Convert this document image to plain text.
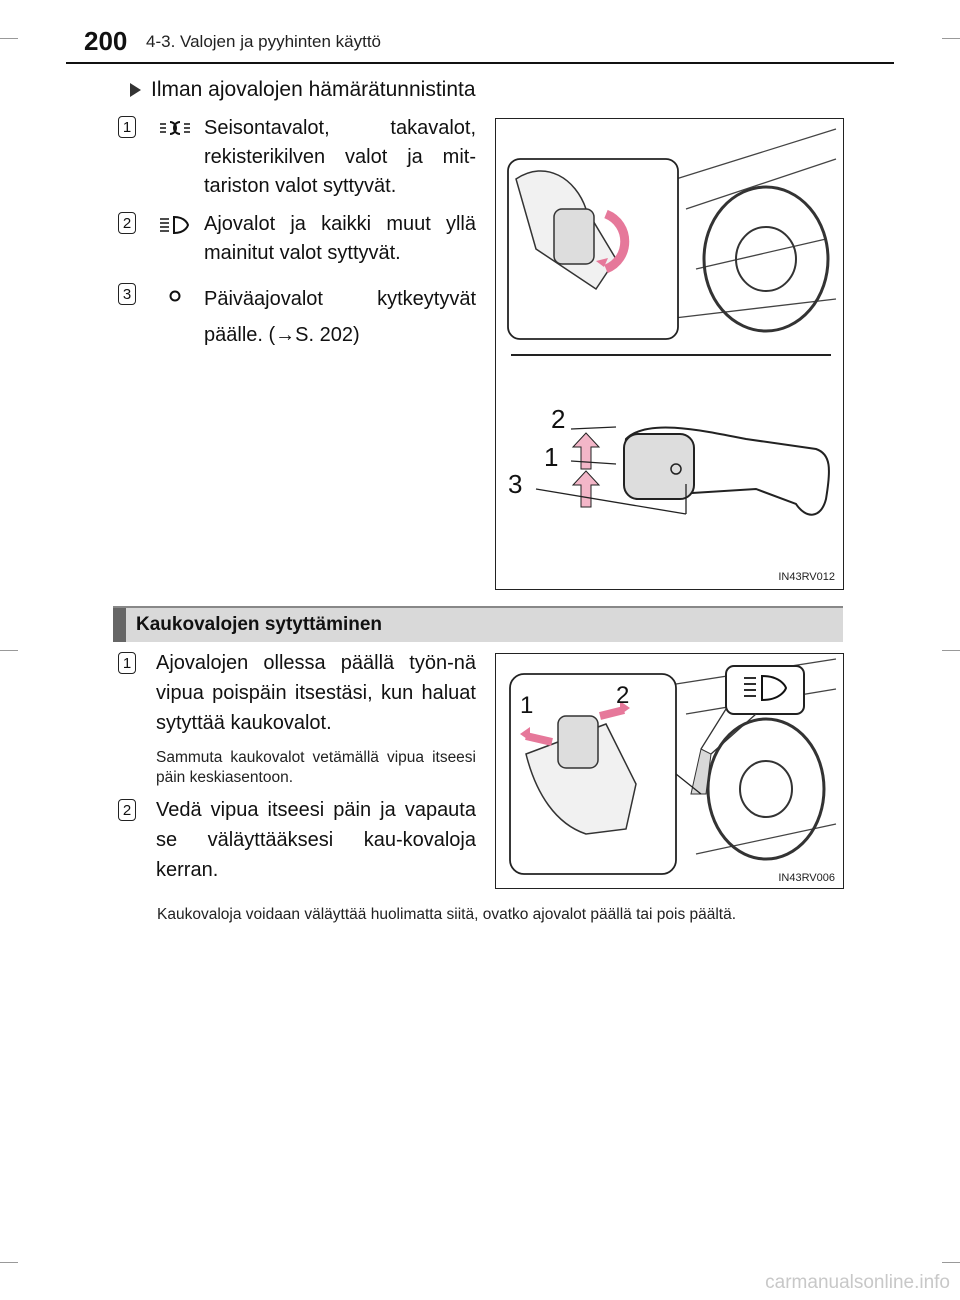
200 4-3. Valojen ja pyyhinten käyttö
Ilman ajovalojen hämärätunnistinta
1	Seisontavalot, takavalot, rekisterikilven valot ja mit-tariston valot syttyvät.
2	Ajovalot ja kaikki muut yllä mainitut valot syttyvät.
3	Päiväajovalot kytkeytyvät päälle. (→S. 202)
2
1
3
IN43RV012
Kaukovalojen sytyttäminen
1 Ajovalojen ollessa päällä työn-nä vipua poispäin itsestäsi, kun haluat sytyttää kaukovalot.
Sammuta kaukovalot vetämällä vipua itseesi päin keskiasentoon.
2 Vedä vipua itseesi päin ja vapauta se väläyttääksesi kau-kovaloja kerran.
1	2
IN43RV006
Kaukovaloja voidaan väläyttää huolimatta siitä, ovatko ajovalot päällä tai pois päältä.
carmanualsonline.info
